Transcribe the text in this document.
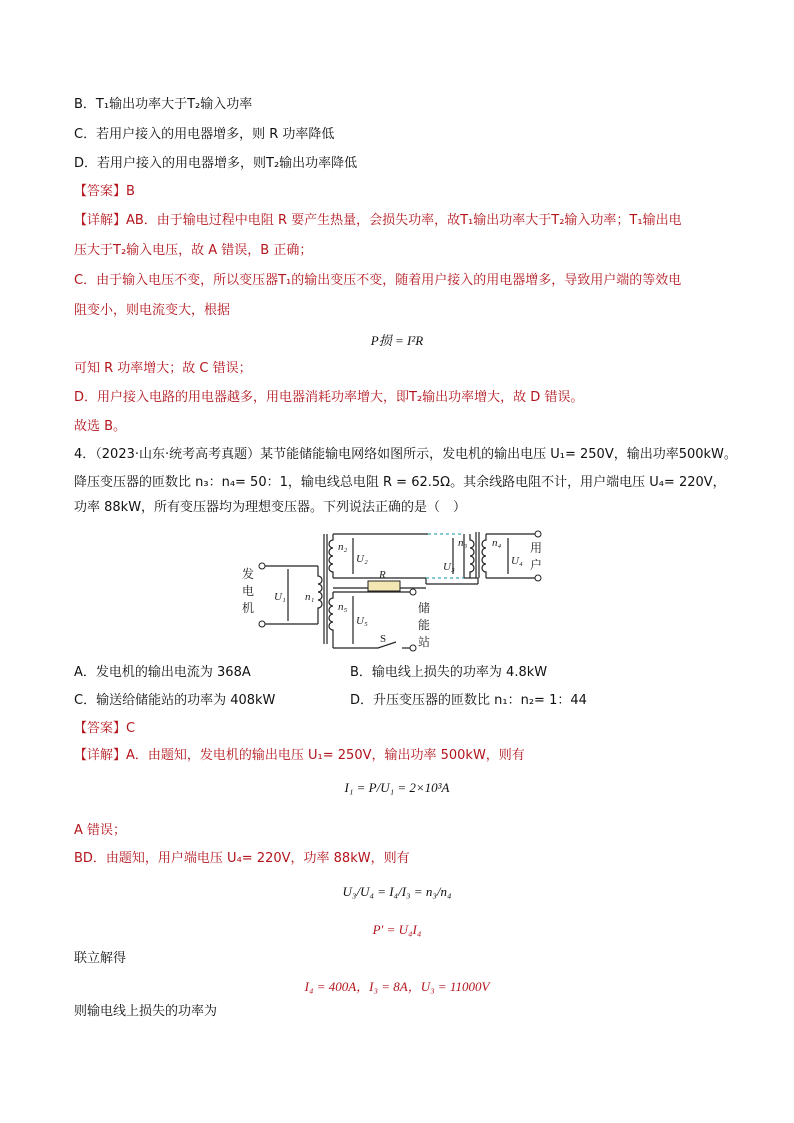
B．T₁输出功率大于T₂输入功率
C．若用户接入的用电器增多，则 R 功率降低
D．若用户接入的用电器增多，则T₂输出功率降低
【答案】B
【详解】AB．由于输电过程中电阻 R 要产生热量，会损失功率，故T₁输出功率大于T₂输入功率；T₁输出电
压大于T₂输入电压，故 A 错误，B 正确；
C．由于输入电压不变，所以变压器T₁的输出变压不变，随着用户接入的用电器增多，导致用户端的等效电
阻变小，则电流变大，根据
P损 = I²R
可知 R 功率增大；故 C 错误；
D．用户接入电路的用电器越多，用电器消耗功率增大，即T₂输出功率增大，故 D 错误。
故选 B。
4．（2023·山东·统考高考真题）某节能储能输电网络如图所示，发电机的输出电压 U₁= 250V，输出功率500kW。
降压变压器的匝数比 n₃：n₄= 50：1，输电线总电阻 R = 62.5Ω。其余线路电阻不计，用户端电压 U₄= 220V，
功率 88kW，所有变压器均为理想变压器。下列说法正确的是（　）
n₁
n₂	n₃ n₄
n₅
U₁
U₂
U₃	U₄
U₅
R
S
发
电
机
用
户
储
能
站
A．发电机的输出电流为 368A	B．输电线上损失的功率为 4.8kW
C．输送给储能站的功率为 408kW	D．升压变压器的匝数比 n₁：n₂= 1：44
【答案】C
【详解】A．由题知，发电机的输出电压 U₁= 250V，输出功率 500kW，则有
I₁ = P/U₁ = 2×10³A
A 错误；
BD．由题知，用户端电压 U₄= 220V，功率 88kW，则有
U₃/U₄ = I₄/I₃ = n₃/n₄
P′ = U₄I₄
联立解得
I₄ = 400A，I₃ = 8A，U₃ = 11000V
则输电线上损失的功率为
